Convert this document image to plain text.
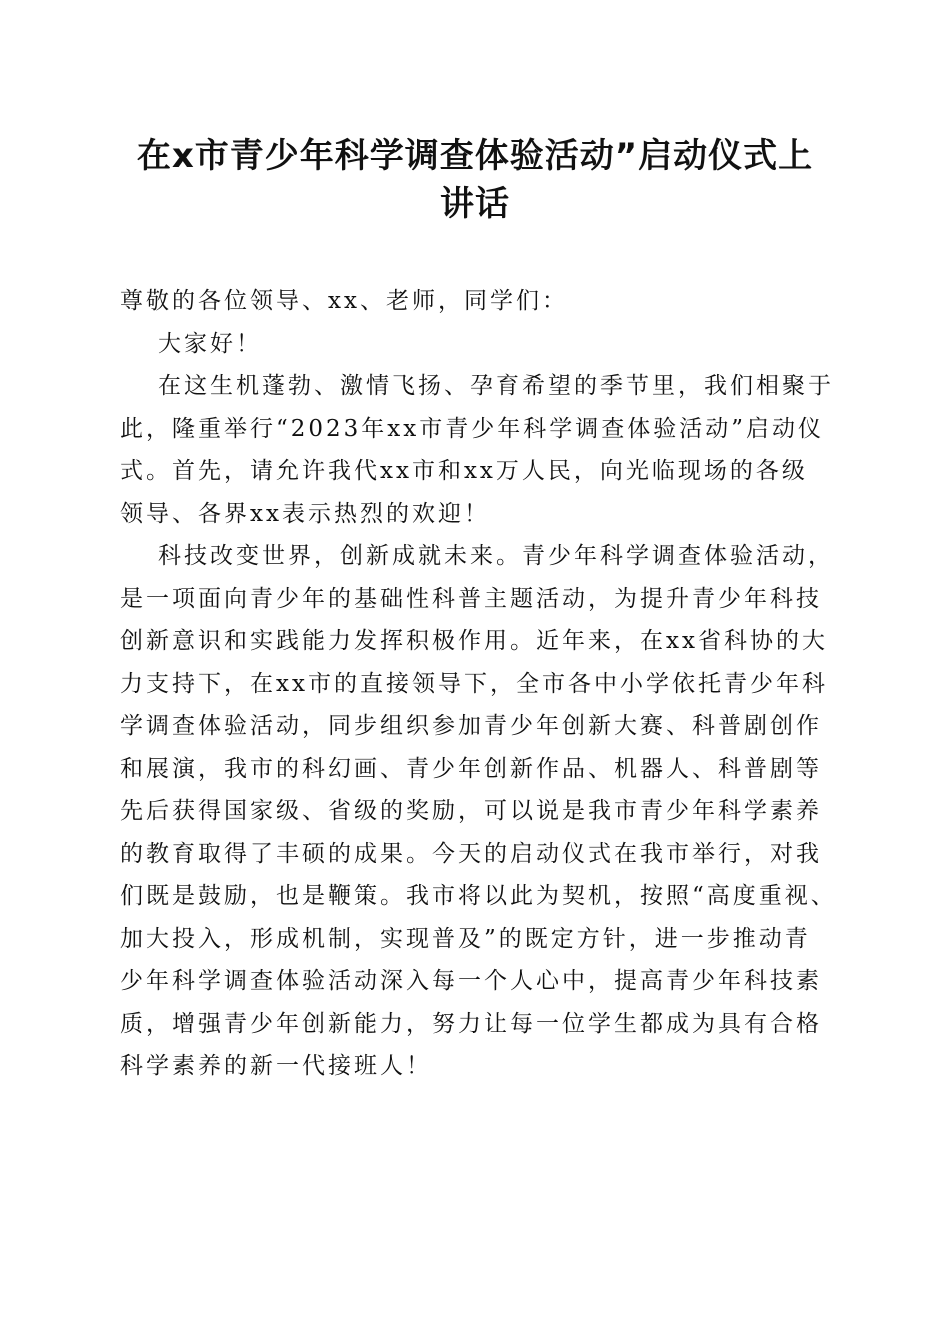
在x市青少年科学调查体验活动”启动仪式上
讲话
尊敬的各位领导、xx、老师，同学们：
大家好！
在这生机蓬勃、激情飞扬、孕育希望的季节里，我们相聚于
此，隆重举行“2023年xx市青少年科学调查体验活动”启动仪
式。首先，请允许我代xx市和xx万人民，向光临现场的各级
领导、各界xx表示热烈的欢迎！
科技改变世界，创新成就未来。青少年科学调查体验活动，
是一项面向青少年的基础性科普主题活动，为提升青少年科技
创新意识和实践能力发挥积极作用。近年来，在xx省科协的大
力支持下，在xx市的直接领导下，全市各中小学依托青少年科
学调查体验活动，同步组织参加青少年创新大赛、科普剧创作
和展演，我市的科幻画、青少年创新作品、机器人、科普剧等
先后获得国家级、省级的奖励，可以说是我市青少年科学素养
的教育取得了丰硕的成果。今天的启动仪式在我市举行，对我
们既是鼓励，也是鞭策。我市将以此为契机，按照“高度重视、
加大投入，形成机制，实现普及”的既定方针，进一步推动青
少年科学调查体验活动深入每一个人心中，提高青少年科技素
质，增强青少年创新能力，努力让每一位学生都成为具有合格
科学素养的新一代接班人！
